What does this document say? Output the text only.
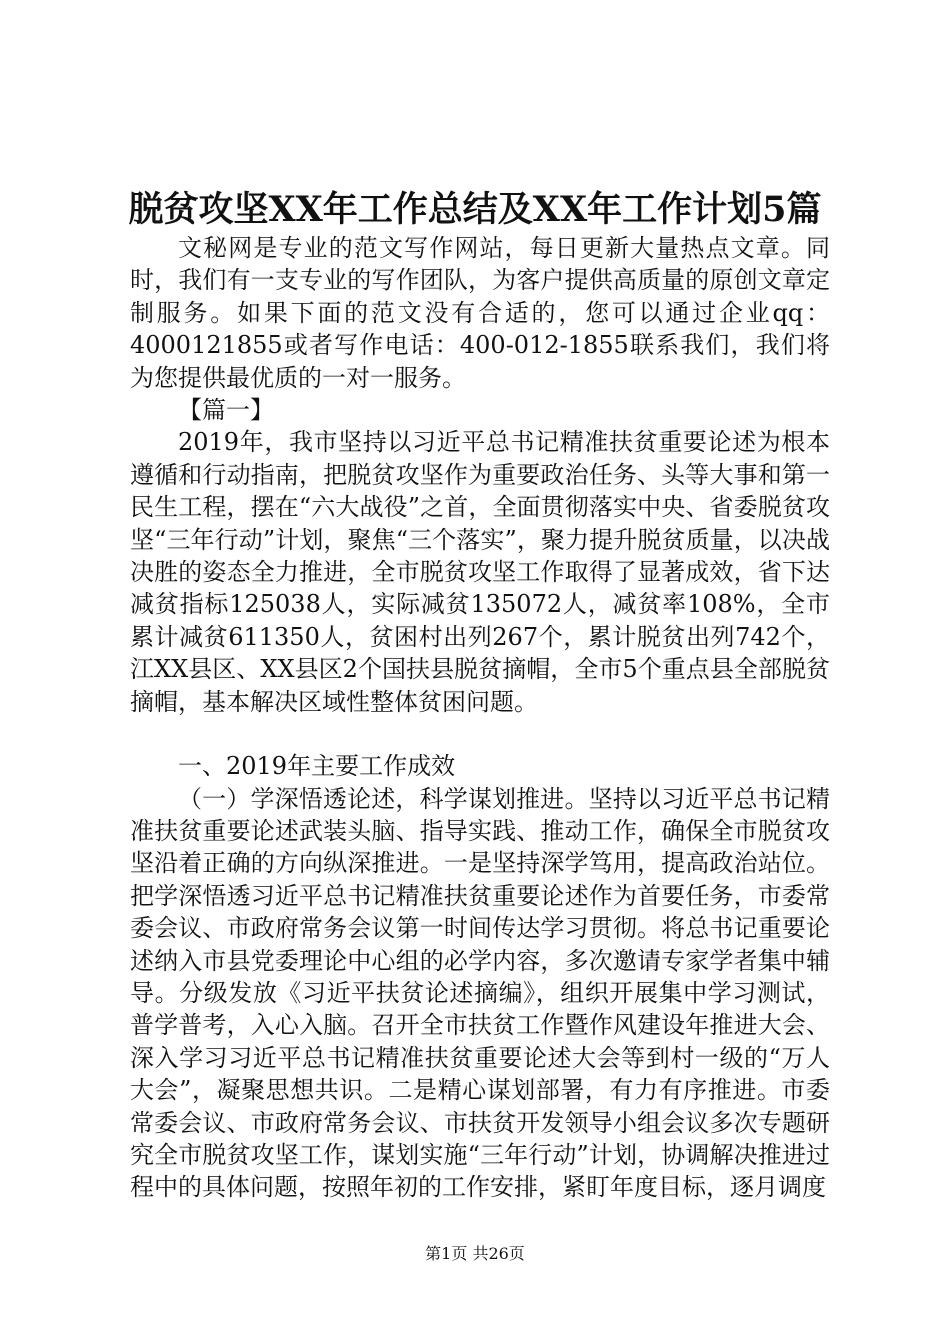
脱贫攻坚XX年工作总结及XX年工作计划5篇

文秘网是专业的范文写作网站，每日更新大量热点文章。同时，我们有一支专业的写作团队，为客户提供高质量的原创文章定制服务。如果下面的范文没有合适的，您可以通过企业qq：4000121855或者写作电话：400-012-1855联系我们，我们将为您提供最优质的一对一服务。

【篇一】

2019年，我市坚持以习近平总书记精准扶贫重要论述为根本遵循和行动指南，把脱贫攻坚作为重要政治任务、头等大事和第一民生工程，摆在“六大战役”之首，全面贯彻落实中央、省委脱贫攻坚“三年行动”计划，聚焦“三个落实”，聚力提升脱贫质量，以决战决胜的姿态全力推进，全市脱贫攻坚工作取得了显著成效，省下达减贫指标125038人，实际减贫135072人，减贫率108%，全市累计减贫611350人，贫困村出列267个，累计脱贫出列742个，江XX县区、XX县区2个国扶县脱贫摘帽，全市5个重点县全部脱贫摘帽，基本解决区域性整体贫困问题。

一、2019年主要工作成效

（一）学深悟透论述，科学谋划推进。坚持以习近平总书记精准扶贫重要论述武装头脑、指导实践、推动工作，确保全市脱贫攻坚沿着正确的方向纵深推进。一是坚持深学笃用，提高政治站位。把学深悟透习近平总书记精准扶贫重要论述作为首要任务，市委常委会议、市政府常务会议第一时间传达学习贯彻。将总书记重要论述纳入市县党委理论中心组的必学内容，多次邀请专家学者集中辅导。分级发放《习近平扶贫论述摘编》，组织开展集中学习测试，普学普考，入心入脑。召开全市扶贫工作暨作风建设年推进大会、深入学习习近平总书记精准扶贫重要论述大会等到村一级的“万人大会”，凝聚思想共识。二是精心谋划部署，有力有序推进。市委常委会议、市政府常务会议、市扶贫开发领导小组会议多次专题研究全市脱贫攻坚工作，谋划实施“三年行动”计划，协调解决推进过程中的具体问题，按照年初的工作安排，紧盯年度目标，逐月调度

第1页 共26页
